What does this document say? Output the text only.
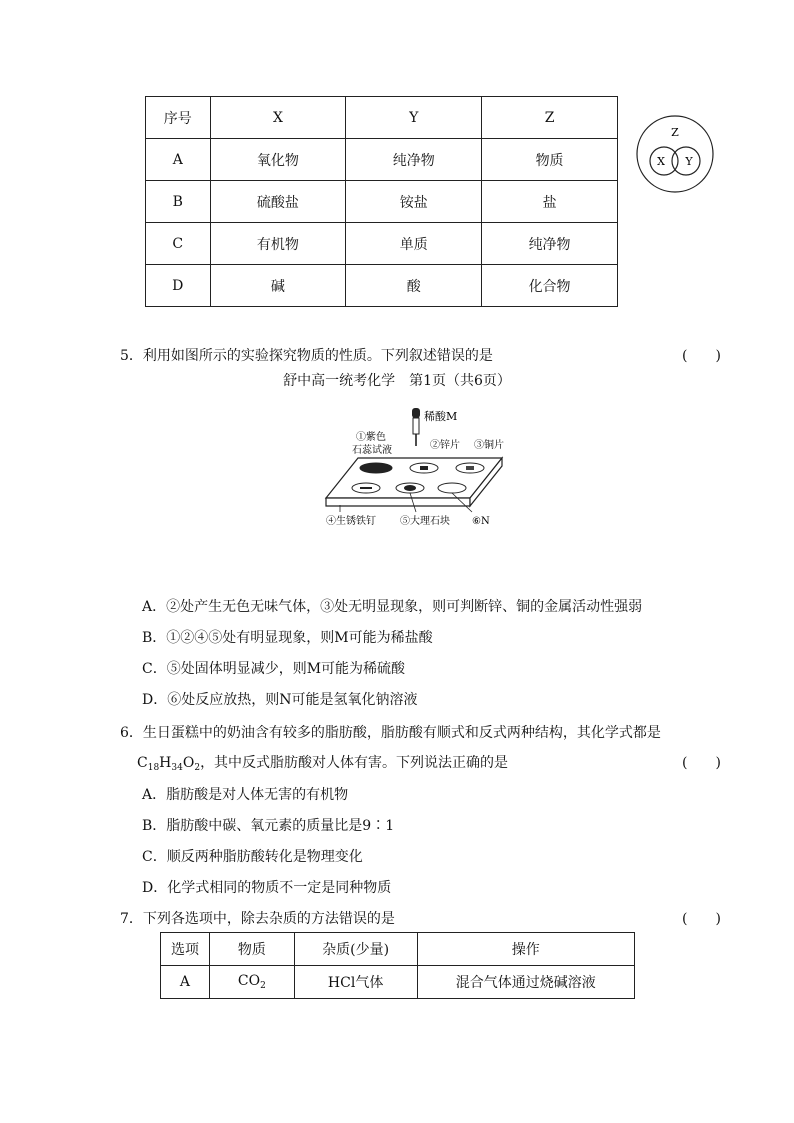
序号	X	Y	Z
A	氧化物	纯净物	物质
B	硫酸盐	铵盐	盐
C	有机物	单质	纯净物
D	碱	酸	化合物
Z
X Y
5．利用如图所示的实验探究物质的性质。下列叙述错误的是	(　　)
舒中高一统考化学　第1页（共6页）
稀酸M
①紫色
石蕊试液	②锌片 ③铜片
④生锈铁钉 ⑤大理石块 ⑥N
A．②处产生无色无味气体，③处无明显现象，则可判断锌、铜的金属活动性强弱
B．①②④⑤处有明显现象，则M可能为稀盐酸
C．⑤处固体明显减少，则M可能为稀硫酸
D．⑥处反应放热，则N可能是氢氧化钠溶液
6．生日蛋糕中的奶油含有较多的脂肪酸，脂肪酸有顺式和反式两种结构，其化学式都是
$C_{18}H_{34}O_2$，其中反式脂肪酸对人体有害。下列说法正确的是	(　　)
A．脂肪酸是对人体无害的有机物
B．脂肪酸中碳、氧元素的质量比是9∶1
C．顺反两种脂肪酸转化是物理变化
D．化学式相同的物质不一定是同种物质
7．下列各选项中，除去杂质的方法错误的是	(　　)
选项	物质	杂质(少量)	操作
A	$CO_2$	HCl气体	混合气体通过烧碱溶液
